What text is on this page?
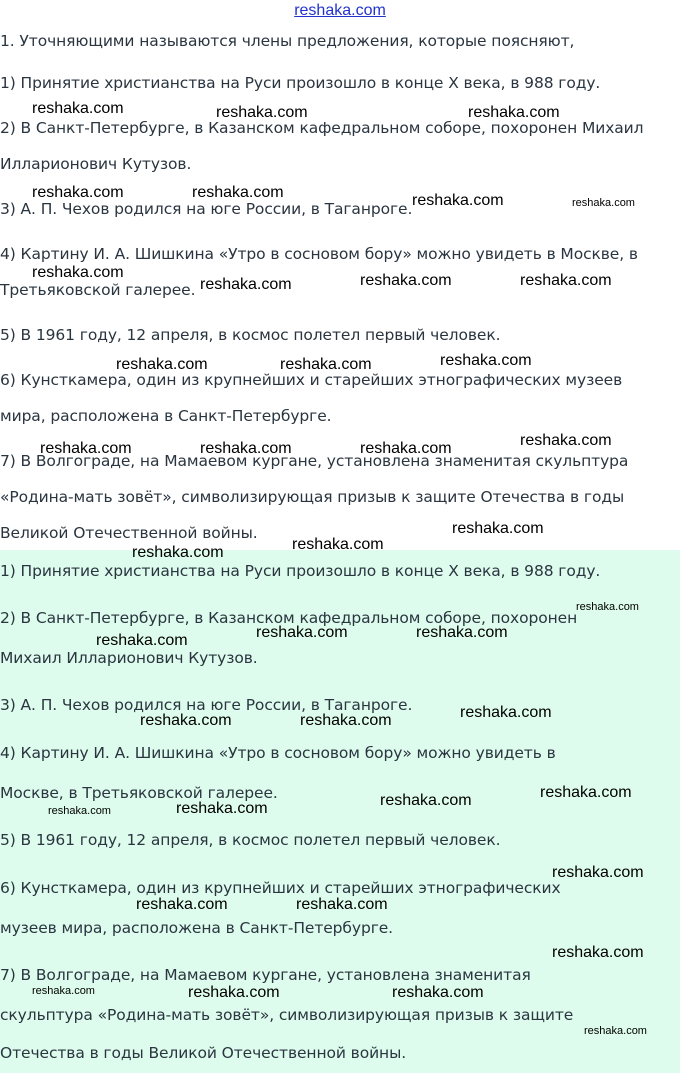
reshaka.com
1. Уточняющими называются члены предложения, которые поясняют,
1) Принятие христианства на Руси произошло в конце X века, в 988 году.
2) В Санкт-Петербурге, в Казанском кафедральном соборе, похоронен Михаил
Илларионович Кутузов.
3) А. П. Чехов родился на юге России, в Таганроге.
4) Картину И. А. Шишкина «Утро в сосновом бору» можно увидеть в Москве, в
Третьяковской галерее.
5) В 1961 году, 12 апреля, в космос полетел первый человек.
6) Кунсткамера, один из крупнейших и старейших этнографических музеев
мира, расположена в Санкт-Петербурге.
7) В Волгограде, на Мамаевом кургане, установлена знаменитая скульптура
«Родина-мать зовёт», символизирующая призыв к защите Отечества в годы
Великой Отечественной войны.
1) Принятие христианства на Руси произошло в конце X века, в 988 году.
2) В Санкт-Петербурге, в Казанском кафедральном соборе, похоронен
Михаил Илларионович Кутузов.
3) А. П. Чехов родился на юге России, в Таганроге.
4) Картину И. А. Шишкина «Утро в сосновом бору» можно увидеть в
Москве, в Третьяковской галерее.
5) В 1961 году, 12 апреля, в космос полетел первый человек.
6) Кунсткамера, один из крупнейших и старейших этнографических
музеев мира, расположена в Санкт-Петербурге.
7) В Волгограде, на Мамаевом кургане, установлена знаменитая
скульптура «Родина-мать зовёт», символизирующая призыв к защите
Отечества в годы Великой Отечественной войны.
reshaka.com	reshaka.com	reshaka.com
reshaka.com	reshaka.com	reshaka.com	reshaka.com
reshaka.com
reshaka.com	reshaka.com	reshaka.com
reshaka.com	reshaka.com	reshaka.com
reshaka.com	reshaka.com	reshaka.com	reshaka.com
reshaka.com
reshaka.com
reshaka.com
reshaka.com
reshaka.com	reshaka.com	reshaka.com
reshaka.com	reshaka.com	reshaka.com
reshaka.com
reshaka.com
reshaka.com
reshaka.com
reshaka.com
reshaka.com	reshaka.com
reshaka.com
reshaka.com	reshaka.com	reshaka.com
reshaka.com
